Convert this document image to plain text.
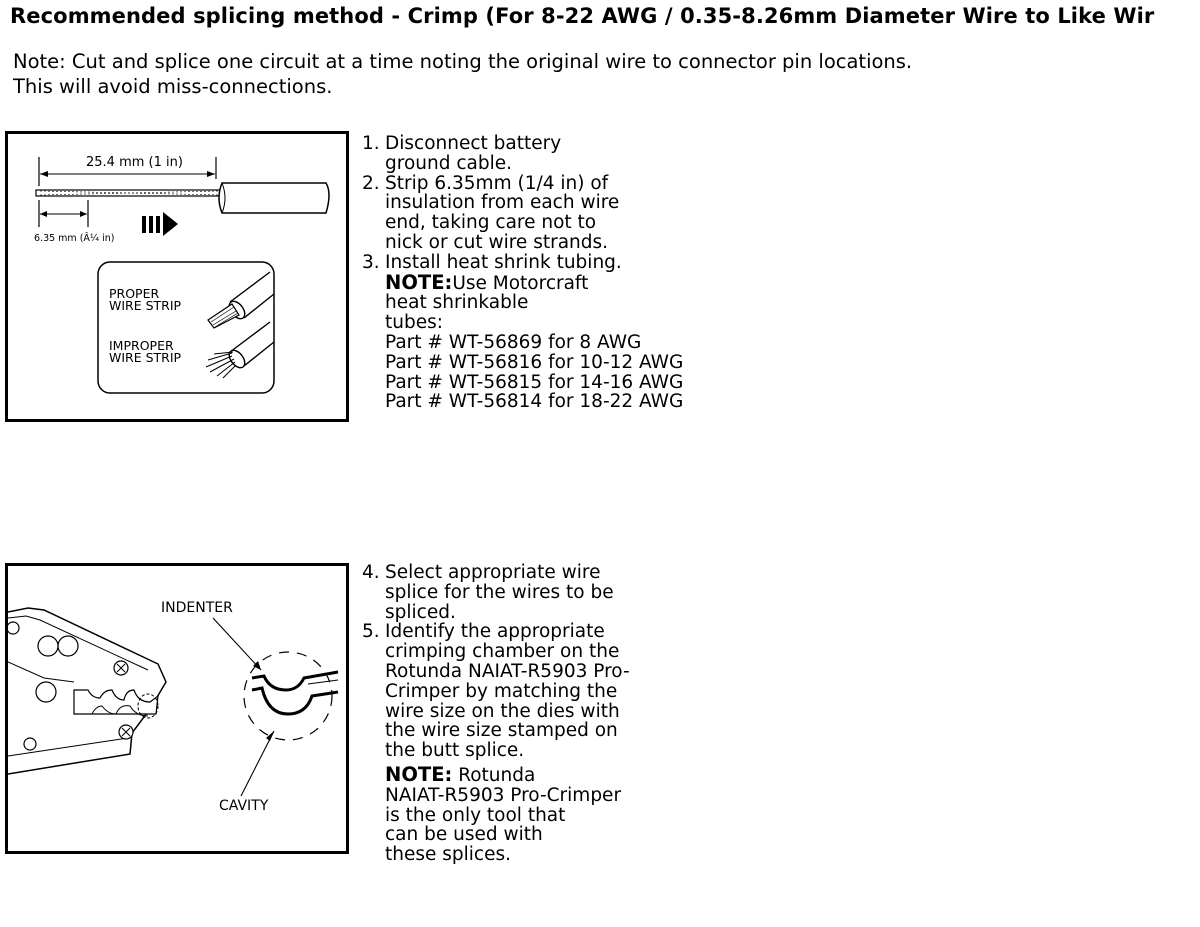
Recommended splicing method - Crimp (For 8-22 AWG / 0.35-8.26mm Diameter Wire to Like Wir
Note: Cut and splice one circuit at a time noting the original wire to connector pin locations.
This will avoid miss-connections.
25.4 mm (1 in)
6.35 mm (Â¼ in)
PROPER
WIRE STRIP
IMPROPER
WIRE STRIP
1. Disconnect battery
ground cable.
2. Strip 6.35mm (1/4 in) of
insulation from each wire
end, taking care not to
nick or cut wire strands.
3. Install heat shrink tubing.
NOTE:Use Motorcraft
heat shrinkable
tubes:
Part # WT-56869 for 8 AWG
Part # WT-56816 for 10-12 AWG
Part # WT-56815 for 14-16 AWG
Part # WT-56814 for 18-22 AWG
INDENTER
CAVITY
4. Select appropriate wire
splice for the wires to be
spliced.
5. Identify the appropriate
crimping chamber on the
Rotunda NAIAT-R5903 Pro-
Crimper by matching the
wire size on the dies with
the wire size stamped on
the butt splice.
NOTE: Rotunda
NAIAT-R5903 Pro-Crimper
is the only tool that
can be used with
these splices.
